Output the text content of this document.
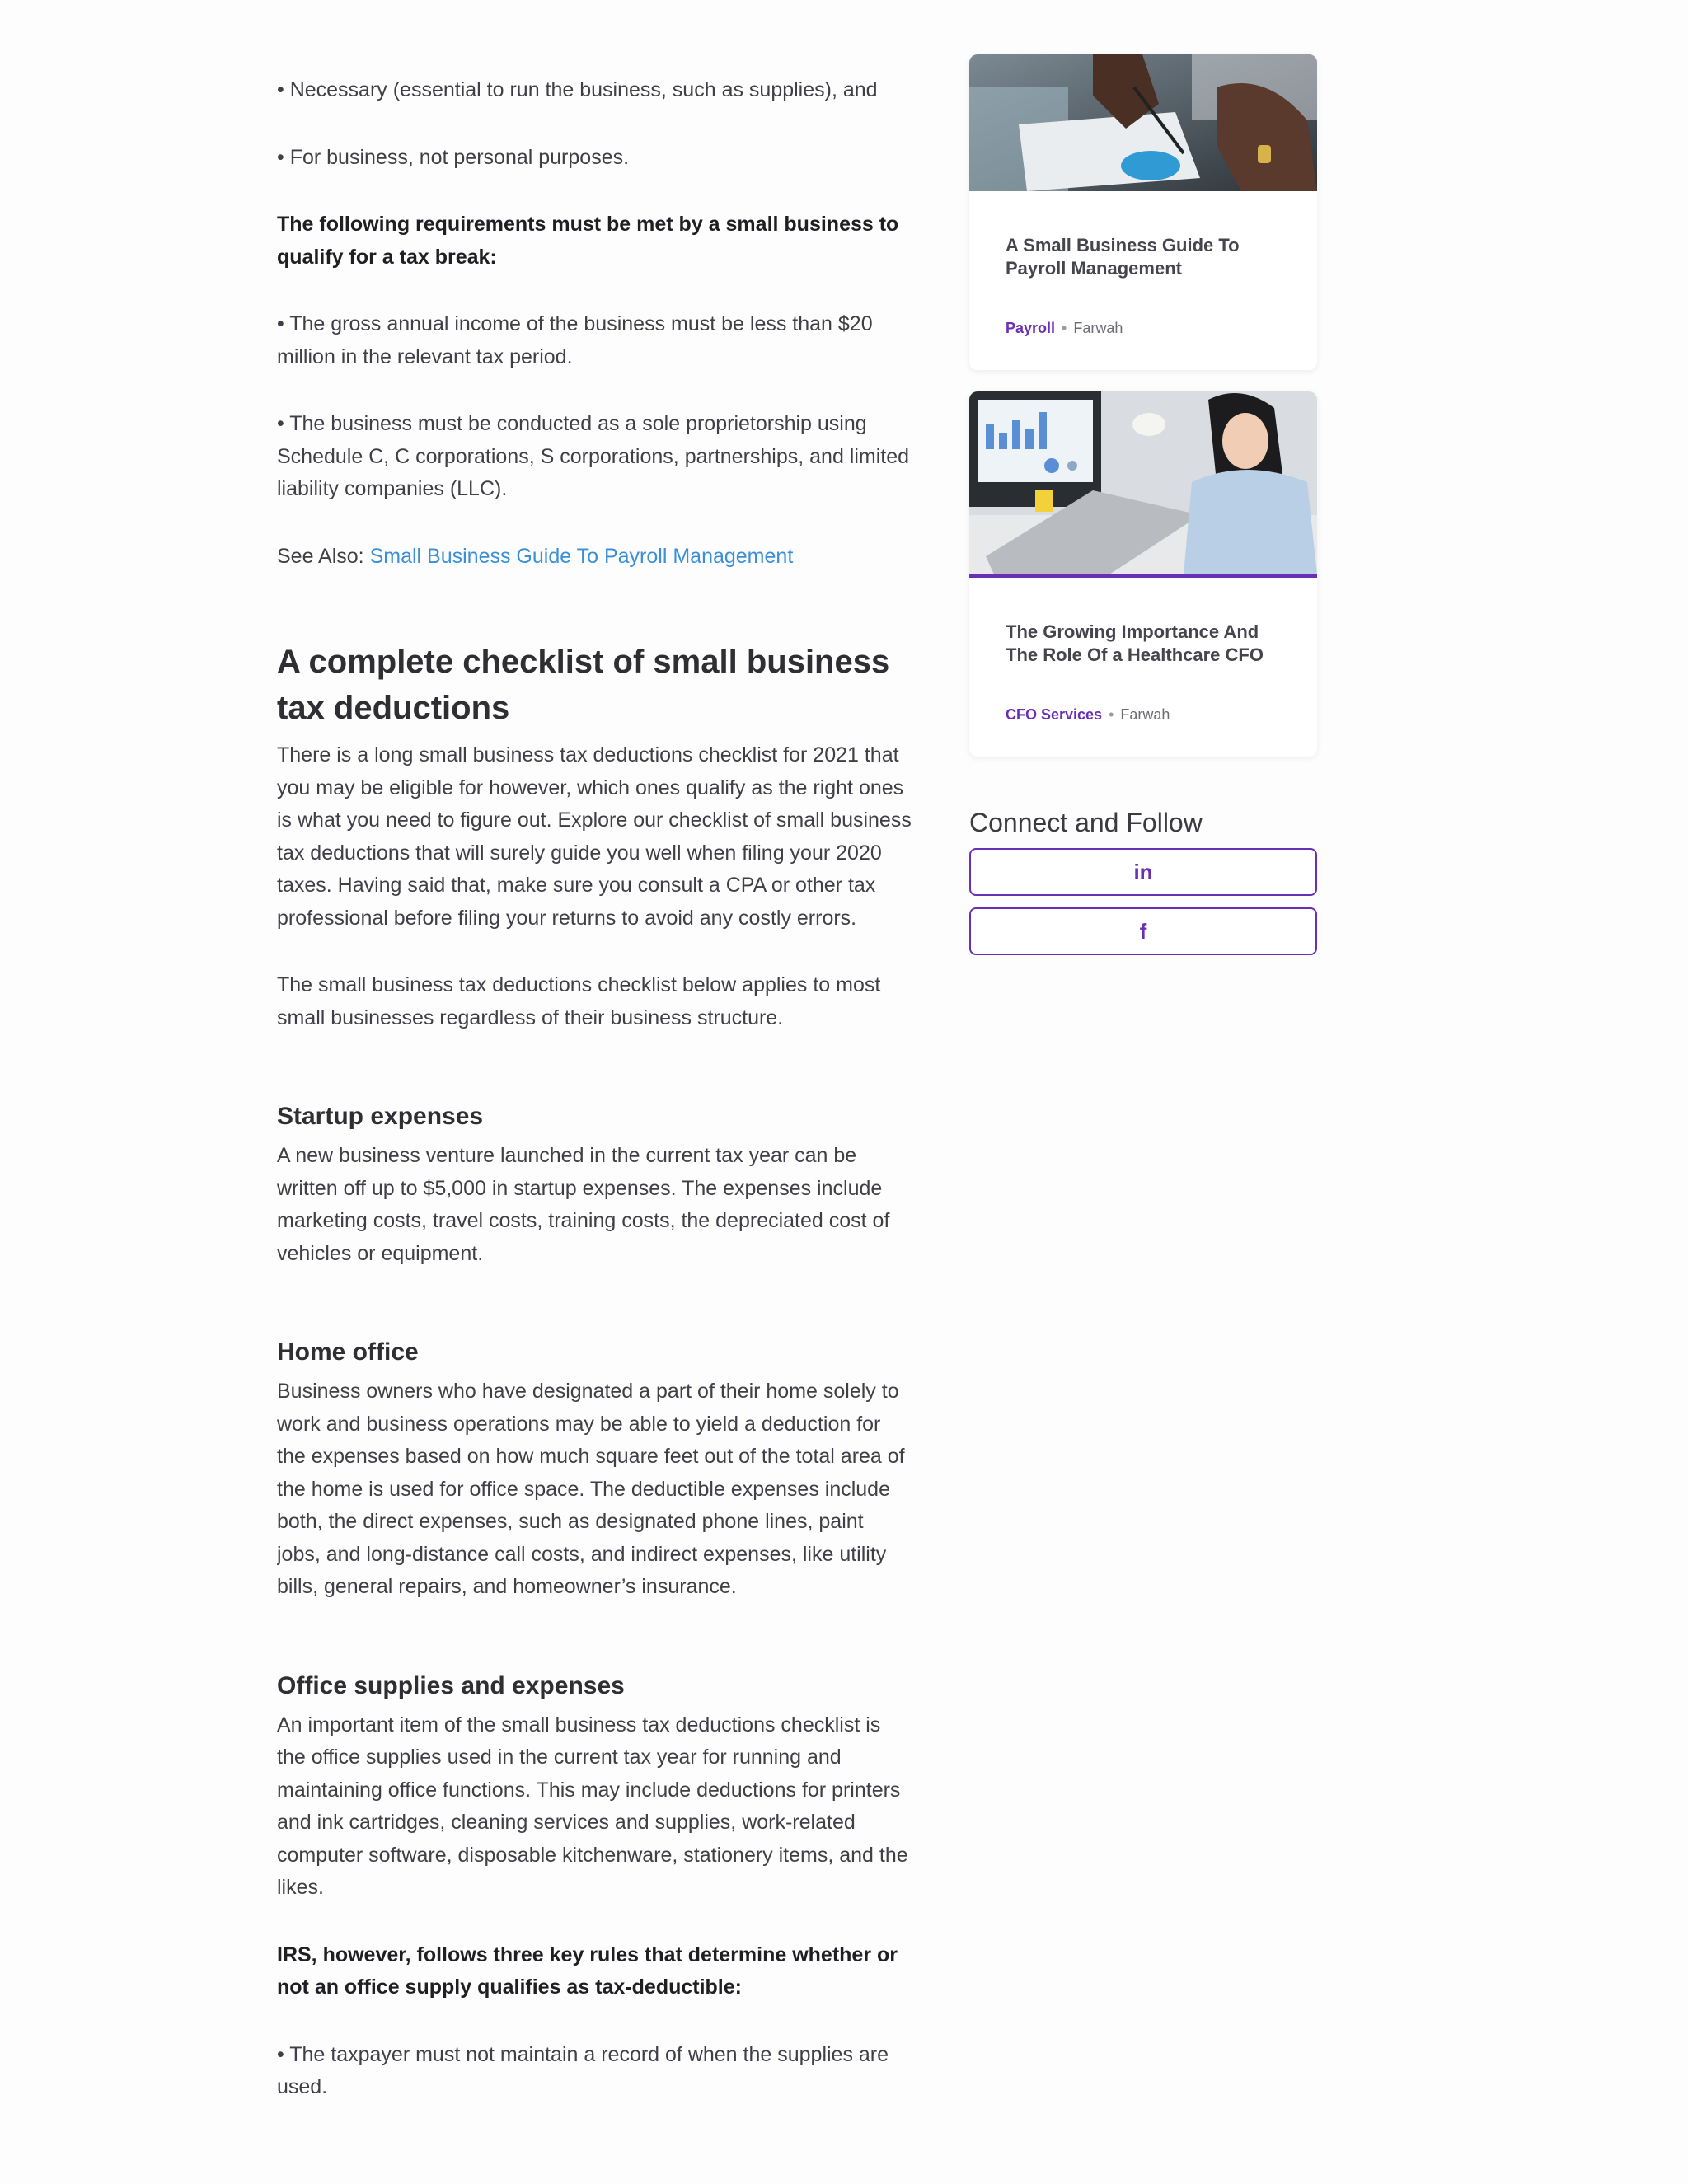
• Necessary (essential to run the business, such as supplies), and

• For business, not personal purposes.

The following requirements must be met by a small business to qualify for a tax break:

• The gross annual income of the business must be less than $20 million in the relevant tax period.

• The business must be conducted as a sole proprietorship using Schedule C, C corporations, S corporations, partnerships, and limited liability companies (LLC).

See Also: Small Business Guide To Payroll Management

A complete checklist of small business tax deductions

There is a long small business tax deductions checklist for 2021 that you may be eligible for however, which ones qualify as the right ones is what you need to figure out. Explore our checklist of small business tax deductions that will surely guide you well when filing your 2020 taxes. Having said that, make sure you consult a CPA or other tax professional before filing your returns to avoid any costly errors.

The small business tax deductions checklist below applies to most small businesses regardless of their business structure.

Startup expenses

A new business venture launched in the current tax year can be written off up to $5,000 in startup expenses. The expenses include marketing costs, travel costs, training costs, the depreciated cost of vehicles or equipment.

Home office

Business owners who have designated a part of their home solely to work and business operations may be able to yield a deduction for the expenses based on how much square feet out of the total area of the home is used for office space. The deductible expenses include both, the direct expenses, such as designated phone lines, paint jobs, and long-distance call costs, and indirect expenses, like utility bills, general repairs, and homeowner’s insurance.

Office supplies and expenses

An important item of the small business tax deductions checklist is the office supplies used in the current tax year for running and maintaining office functions. This may include deductions for printers and ink cartridges, cleaning services and supplies, work-related computer software, disposable kitchenware, stationery items, and the likes.

IRS, however, follows three key rules that determine whether or not an office supply qualifies as tax-deductible:

• The taxpayer must not maintain a record of when the supplies are used.

A Small Business Guide To Payroll Management

Payroll • Farwah

The Growing Importance And The Role Of a Healthcare CFO

CFO Services • Farwah
Connect and Follow
in
f
